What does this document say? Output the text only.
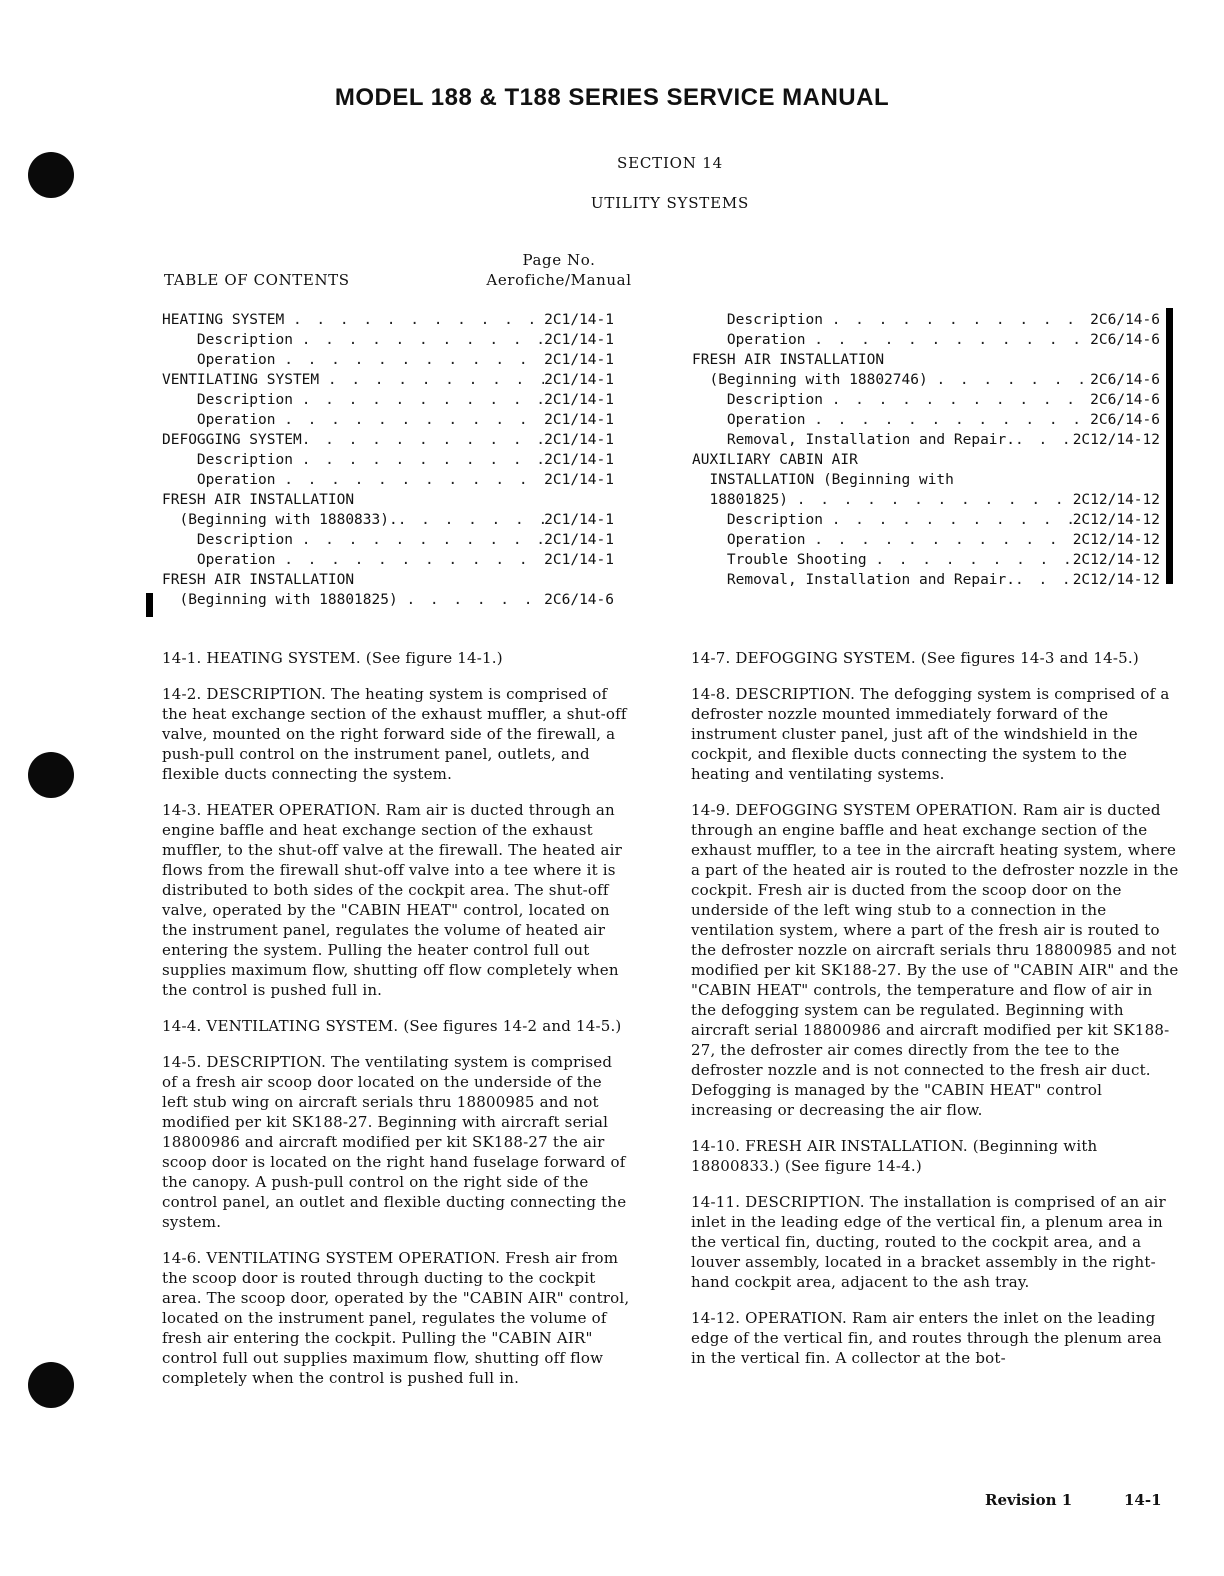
MODEL 188 & T188 SERIES SERVICE MANUAL
SECTION 14
UTILITY SYSTEMS
Page No.
TABLE OF CONTENTS	Aerofiche/Manual
HEATING SYSTEM . . .	2C1/14-1
Description . . .	2C1/14-1
Operation . . .	2C1/14-1
VENTILATING SYSTEM . . .	2C1/14-1
Description . . .	2C1/14-1
Operation . . .	2C1/14-1
DEFOGGING SYSTEM . . .	2C1/14-1
Description . . .	2C1/14-1
Operation . . .	2C1/14-1
FRESH AIR INSTALLATION
(Beginning with 1880833). . . .	2C1/14-1
Description . . .	2C1/14-1
Operation . . .	2C1/14-1
FRESH AIR INSTALLATION
(Beginning with 18801825) . . .	2C6/14-6
Description . . .	2C6/14-6
Operation . . .	2C6/14-6
FRESH AIR INSTALLATION
(Beginning with 18802746) . . .	2C6/14-6
Description . . .	2C6/14-6
Operation . . .	2C6/14-6
Removal, Installation and Repair. . . .	2C12/14-12
AUXILIARY CABIN AIR
INSTALLATION (Beginning with
18801825) . . .	2C12/14-12
Description . . .	2C12/14-12
Operation . . .	2C12/14-12
Trouble Shooting . . .	2C12/14-12
Removal, Installation and Repair. . . .	2C12/14-12

14-1. HEATING SYSTEM. (See figure 14-1.)

14-2. DESCRIPTION. The heating system is comprised of the heat exchange section of the exhaust muffler, a shut-off valve, mounted on the right forward side of the firewall, a push-pull control on the instrument panel, outlets, and flexible ducts connecting the system.

14-3. HEATER OPERATION. Ram air is ducted through an engine baffle and heat exchange section of the exhaust muffler, to the shut-off valve at the firewall. The heated air flows from the firewall shut-off valve into a tee where it is distributed to both sides of the cockpit area. The shut-off valve, operated by the "CABIN HEAT" control, located on the instrument panel, regulates the volume of heated air entering the system. Pulling the heater control full out supplies maximum flow, shutting off flow completely when the control is pushed full in.

14-4. VENTILATING SYSTEM. (See figures 14-2 and 14-5.)

14-5. DESCRIPTION. The ventilating system is comprised of a fresh air scoop door located on the underside of the left stub wing on aircraft serials thru 18800985 and not modified per kit SK188-27. Beginning with aircraft serial 18800986 and aircraft modified per kit SK188-27 the air scoop door is located on the right hand fuselage forward of the canopy. A push-pull control on the right side of the control panel, an outlet and flexible ducting connecting the system.

14-6. VENTILATING SYSTEM OPERATION. Fresh air from the scoop door is routed through ducting to the cockpit area. The scoop door, operated by the "CABIN AIR" control, located on the instrument panel, regulates the volume of fresh air entering the cockpit. Pulling the "CABIN AIR" control full out supplies maximum flow, shutting off flow completely when the control is pushed full in.

14-7. DEFOGGING SYSTEM. (See figures 14-3 and 14-5.)

14-8. DESCRIPTION. The defogging system is comprised of a defroster nozzle mounted immediately forward of the instrument cluster panel, just aft of the windshield in the cockpit, and flexible ducts connecting the system to the heating and ventilating systems.

14-9. DEFOGGING SYSTEM OPERATION. Ram air is ducted through an engine baffle and heat exchange section of the exhaust muffler, to a tee in the aircraft heating system, where a part of the heated air is routed to the defroster nozzle in the cockpit. Fresh air is ducted from the scoop door on the underside of the left wing stub to a connection in the ventilation system, where a part of the fresh air is routed to the defroster nozzle on aircraft serials thru 18800985 and not modified per kit SK188-27. By the use of "CABIN AIR" and the "CABIN HEAT" controls, the temperature and flow of air in the defogging system can be regulated. Beginning with aircraft serial 18800986 and aircraft modified per kit SK188-27, the defroster air comes directly from the tee to the defroster nozzle and is not connected to the fresh air duct. Defogging is managed by the "CABIN HEAT" control increasing or decreasing the air flow.

14-10. FRESH AIR INSTALLATION. (Beginning with 18800833.) (See figure 14-4.)

14-11. DESCRIPTION. The installation is comprised of an air inlet in the leading edge of the vertical fin, a plenum area in the vertical fin, ducting, routed to the cockpit area, and a louver assembly, located in a bracket assembly in the right-hand cockpit area, adjacent to the ash tray.

14-12. OPERATION. Ram air enters the inlet on the leading edge of the vertical fin, and routes through the plenum area in the vertical fin. A collector at the bot-

Revision 1	14-1
